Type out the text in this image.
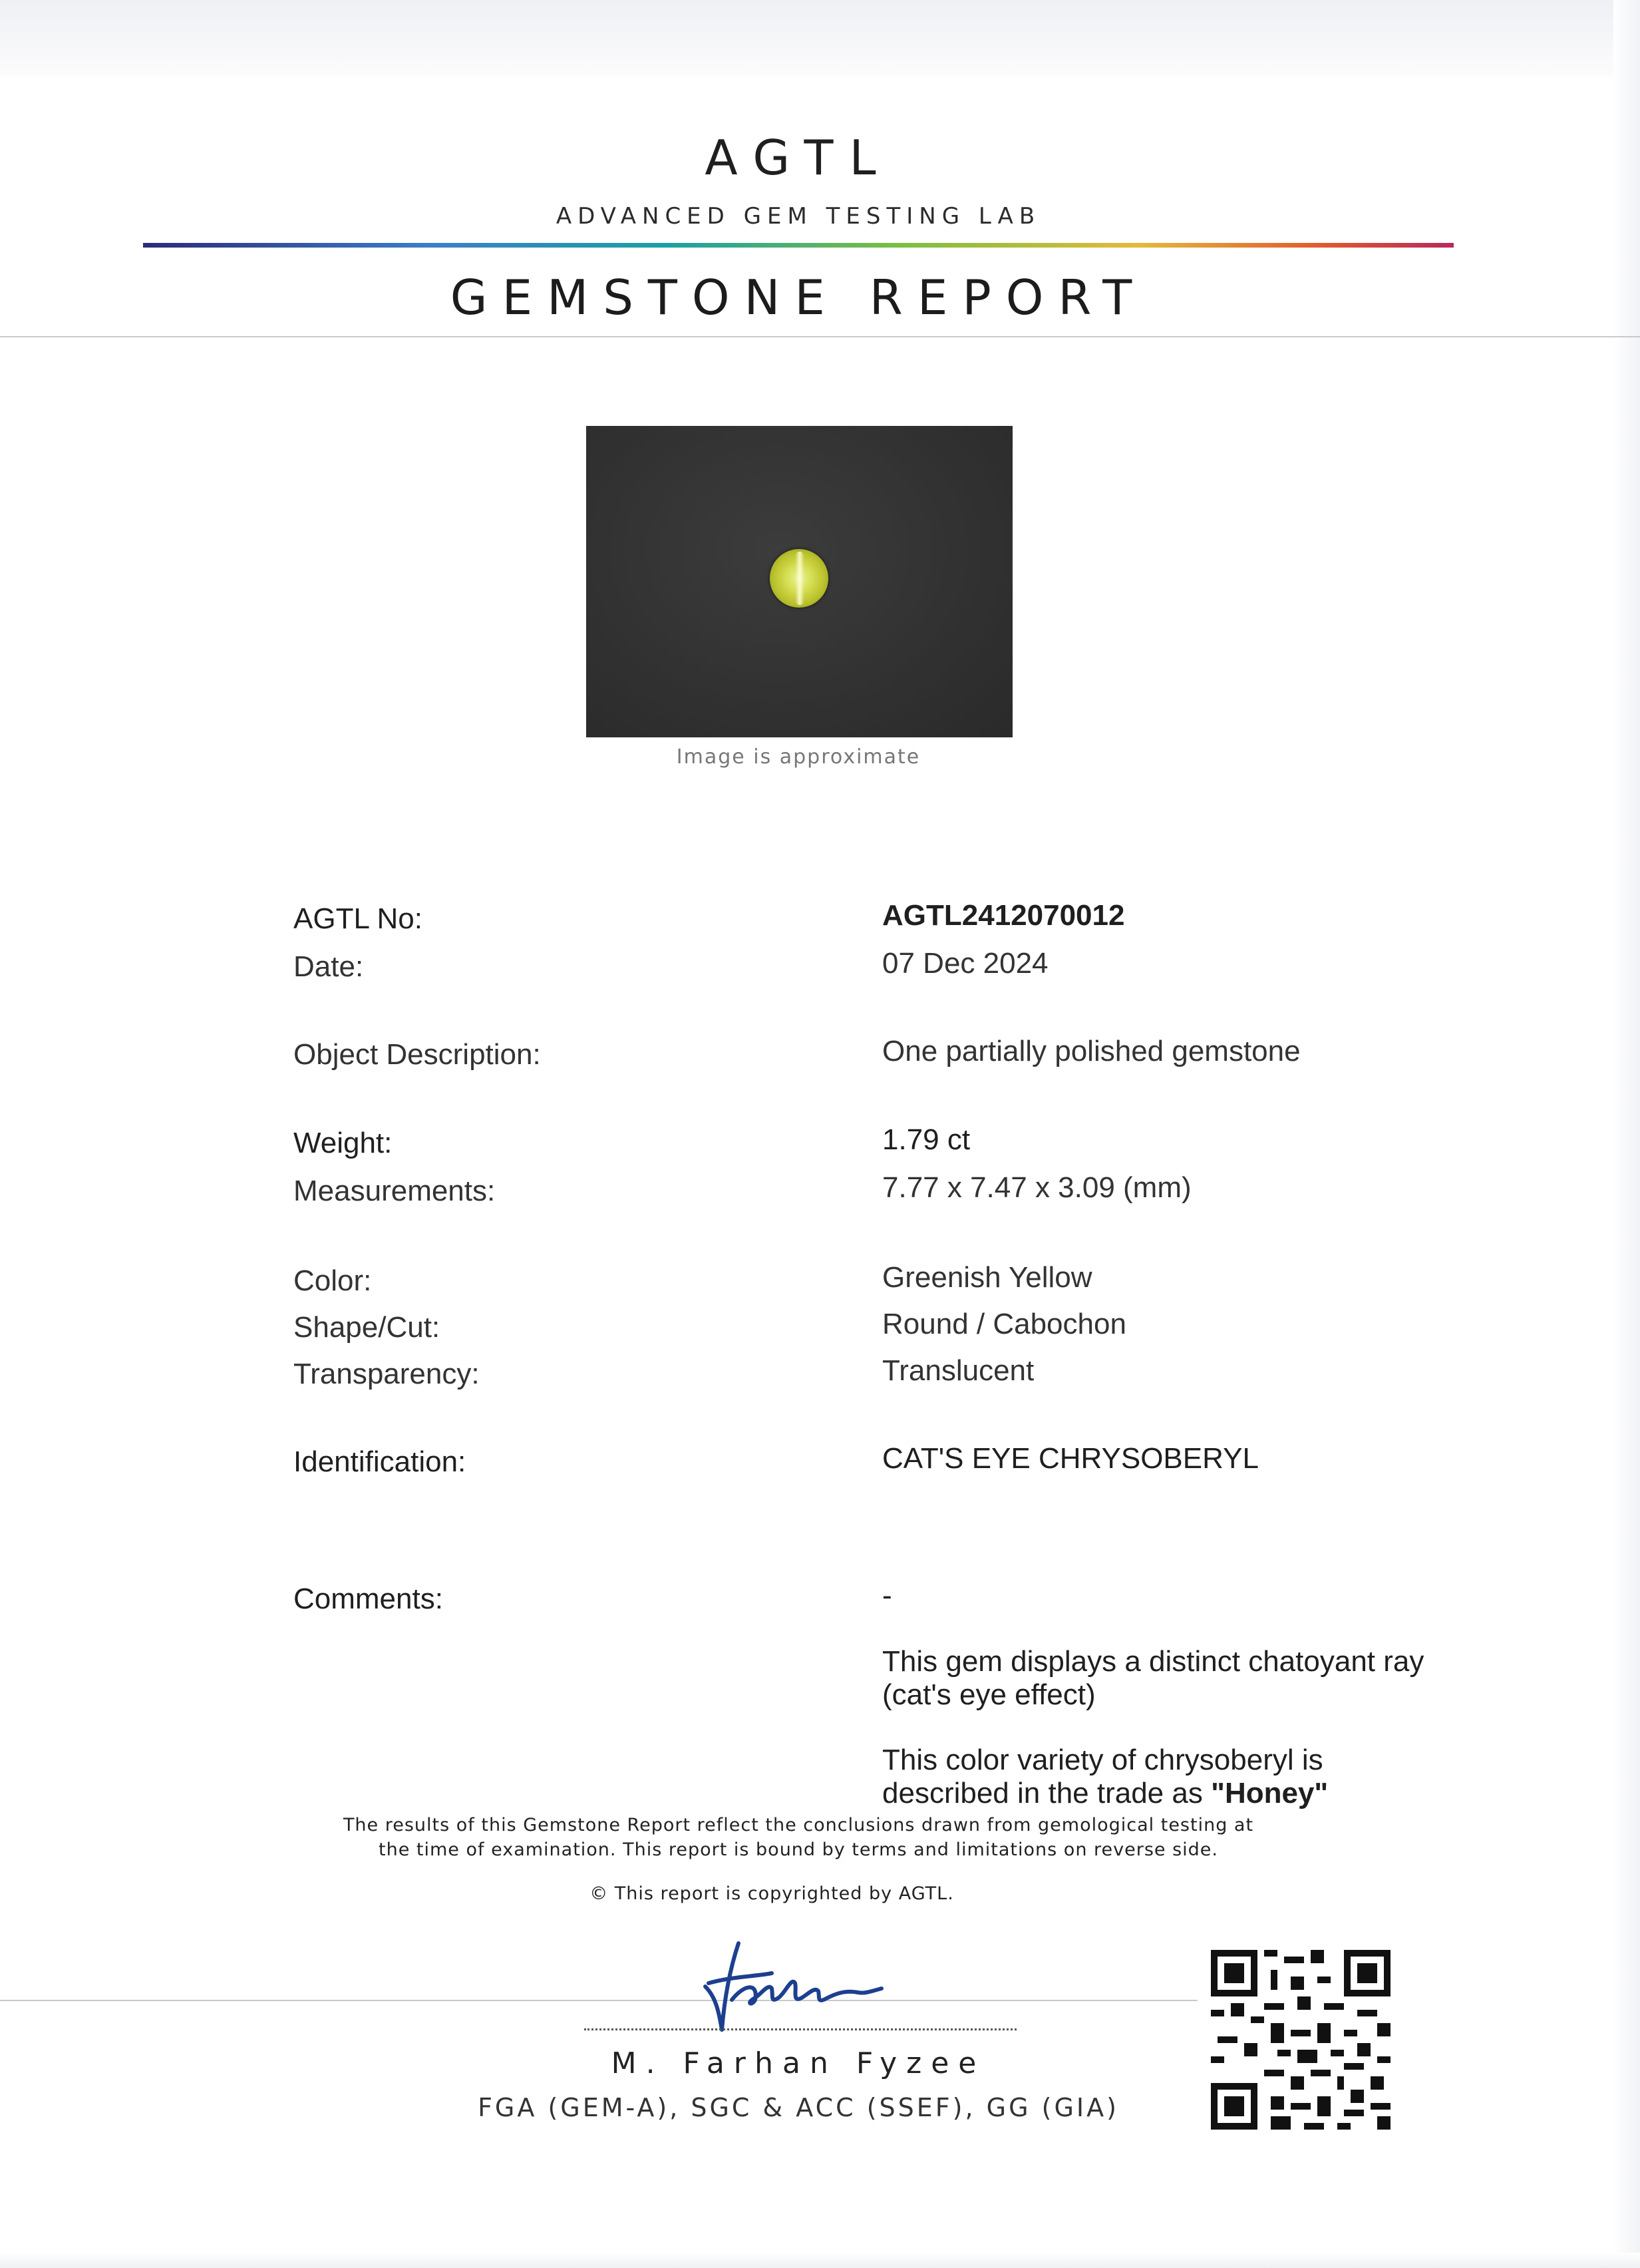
AGTL
ADVANCED GEM TESTING LAB
GEMSTONE REPORT
Image is approximate
AGTL No:	AGTL2412070012
Date:	07 Dec 2024
Object Description:	One partially polished gemstone
Weight:	1.79 ct
Measurements:	7.77 x 7.47 x 3.09 (mm)
Color:	Greenish Yellow
Shape/Cut:	Round / Cabochon
Transparency:	Translucent
Identification:	CAT'S EYE CHRYSOBERYL
Comments:	-
This gem displays a distinct chatoyant ray
(cat's eye effect)
This color variety of chrysoberyl is
described in the trade as "Honey"
The results of this Gemstone Report reflect the conclusions drawn from gemological testing at
the time of examination. This report is bound by terms and limitations on reverse side.
© This report is copyrighted by AGTL.
M. Farhan Fyzee
FGA (GEM-A), SGC & ACC (SSEF), GG (GIA)
